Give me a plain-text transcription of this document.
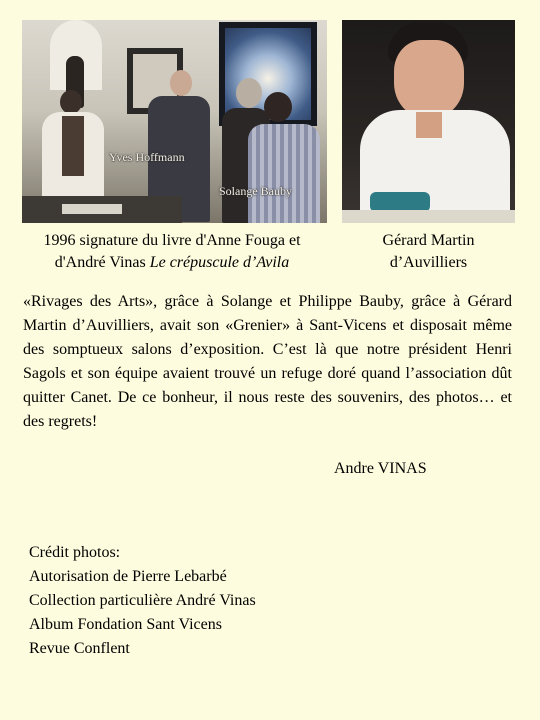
Yves Hoffmann
Solange Bauby
1996 signature du livre d'Anne Fouga et
d'André Vinas Le crépuscule d’Avila
Gérard Martin
d’Auvilliers

«Rivages des Arts», grâce à Solange et Philippe Bauby, grâce à Gérard Martin d’Auvilliers, avait son «Grenier» à Sant-Vicens et disposait même des somptueux salons d’exposition. C’est là que notre président Henri Sagols et son équipe avaient trouvé un refuge doré quand l’association dût quitter Canet. De ce bonheur, il nous reste des souvenirs, des photos… et des regrets!

Andre VINAS
Crédit photos:
Autorisation de Pierre Lebarbé
Collection particulière André Vinas
Album Fondation Sant Vicens
Revue Conflent
